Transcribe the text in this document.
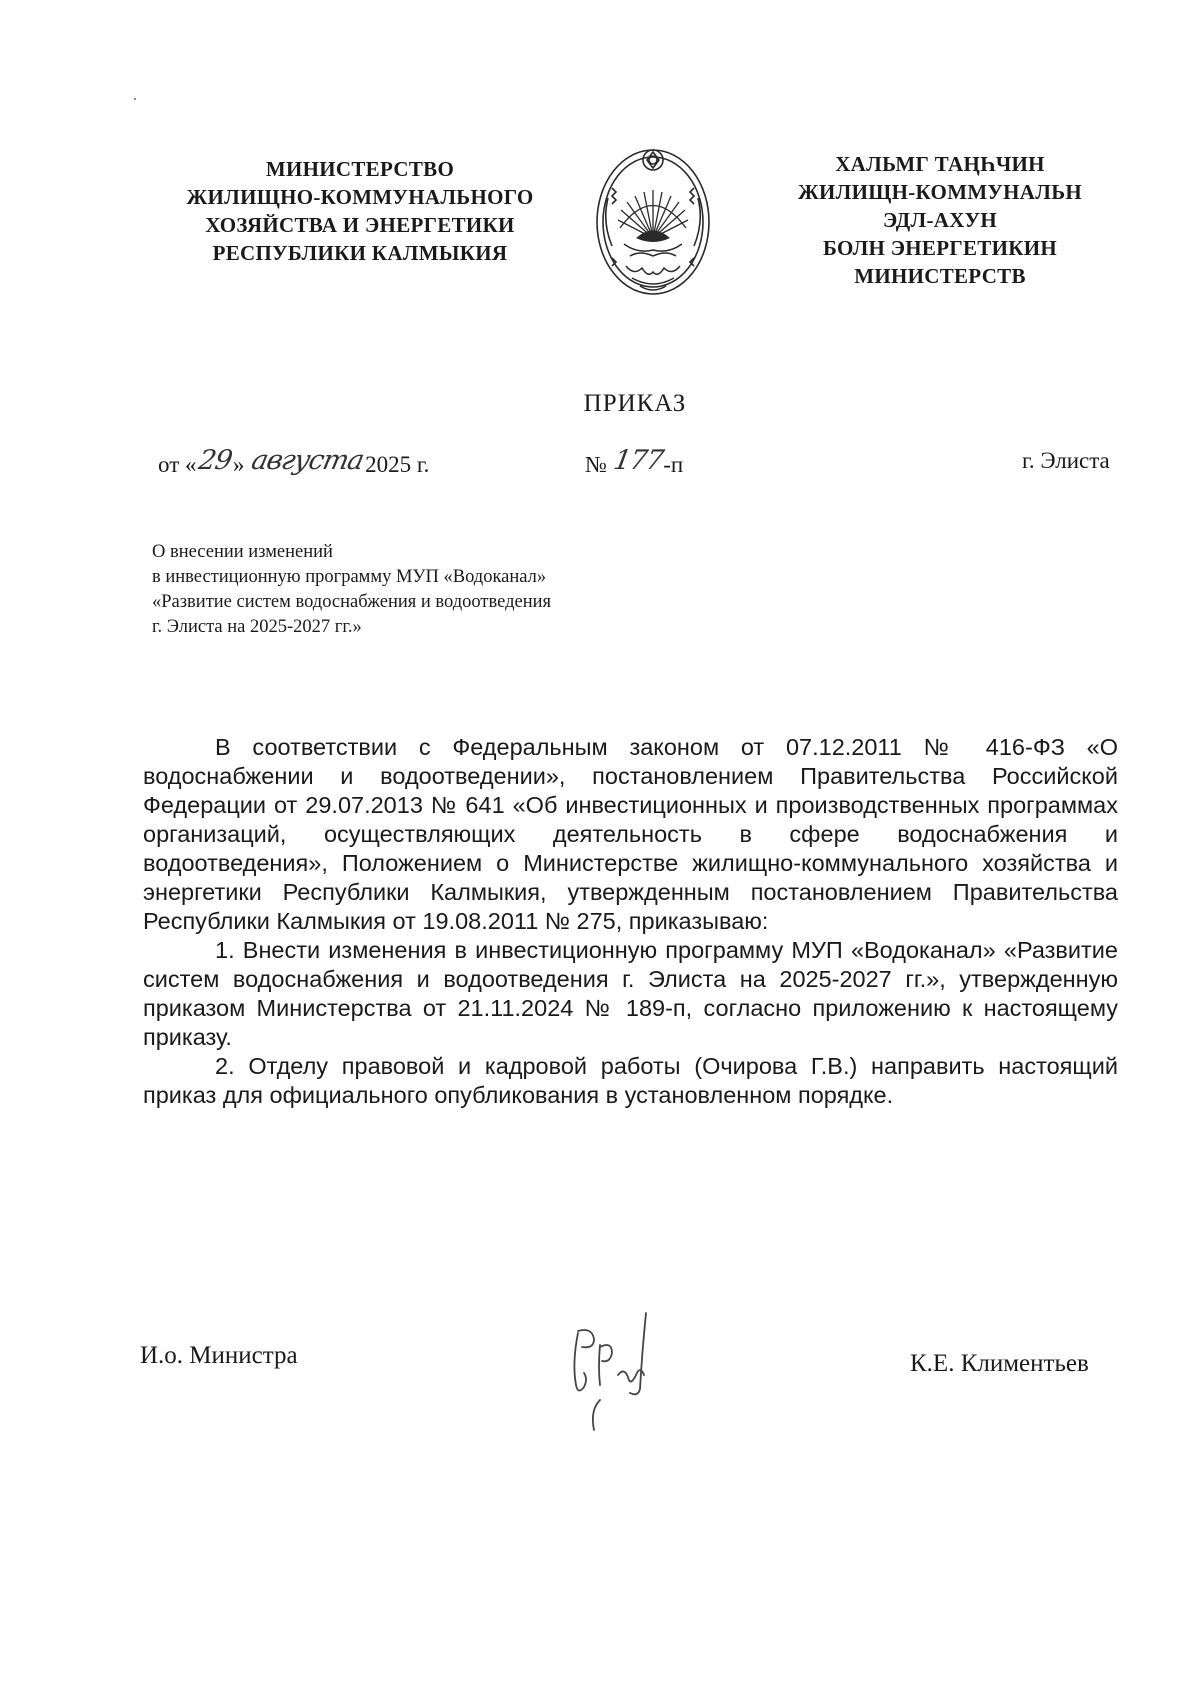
МИНИСТЕРСТВО
ЖИЛИЩНО-КОММУНАЛЬНОГО
ХОЗЯЙСТВА И ЭНЕРГЕТИКИ
РЕСПУБЛИКИ КАЛМЫКИЯ
ХАЛЬМГ ТАҢҺЧИН
ЖИЛИЩН-КОММУНАЛЬН
ЭДЛ-АХУН
БОЛН ЭНЕРГЕТИКИН
МИНИСТЕРСТВ
ПРИКАЗ
от «29» августа2025 г.	№ 177-п	г. Элиста
О внесении изменений
в инвестиционную программу МУП «Водоканал»
«Развитие систем водоснабжения и водоотведения
г. Элиста на 2025-2027 гг.»

В соответствии с Федеральным законом от 07.12.2011 № 416-ФЗ «О водоснабжении и водоотведении», постановлением Правительства Российской Федерации от 29.07.2013 № 641 «Об инвестиционных и производственных программах организаций, осуществляющих деятельность в сфере водоснабжения и водоотведения», Положением о Министерстве жилищно-коммунального хозяйства и энергетики Республики Калмыкия, утвержденным постановлением Правительства Республики Калмыкия от 19.08.2011 № 275, приказываю:

1. Внести изменения в инвестиционную программу МУП «Водоканал» «Развитие систем водоснабжения и водоотведения г. Элиста на 2025-2027 гг.», утвержденную приказом Министерства от 21.11.2024 № 189-п, согласно приложению к настоящему приказу.

2. Отделу правовой и кадровой работы (Очирова Г.В.) направить настоящий приказ для официального опубликования в установленном порядке.

И.о. Министра	К.Е. Климентьев
